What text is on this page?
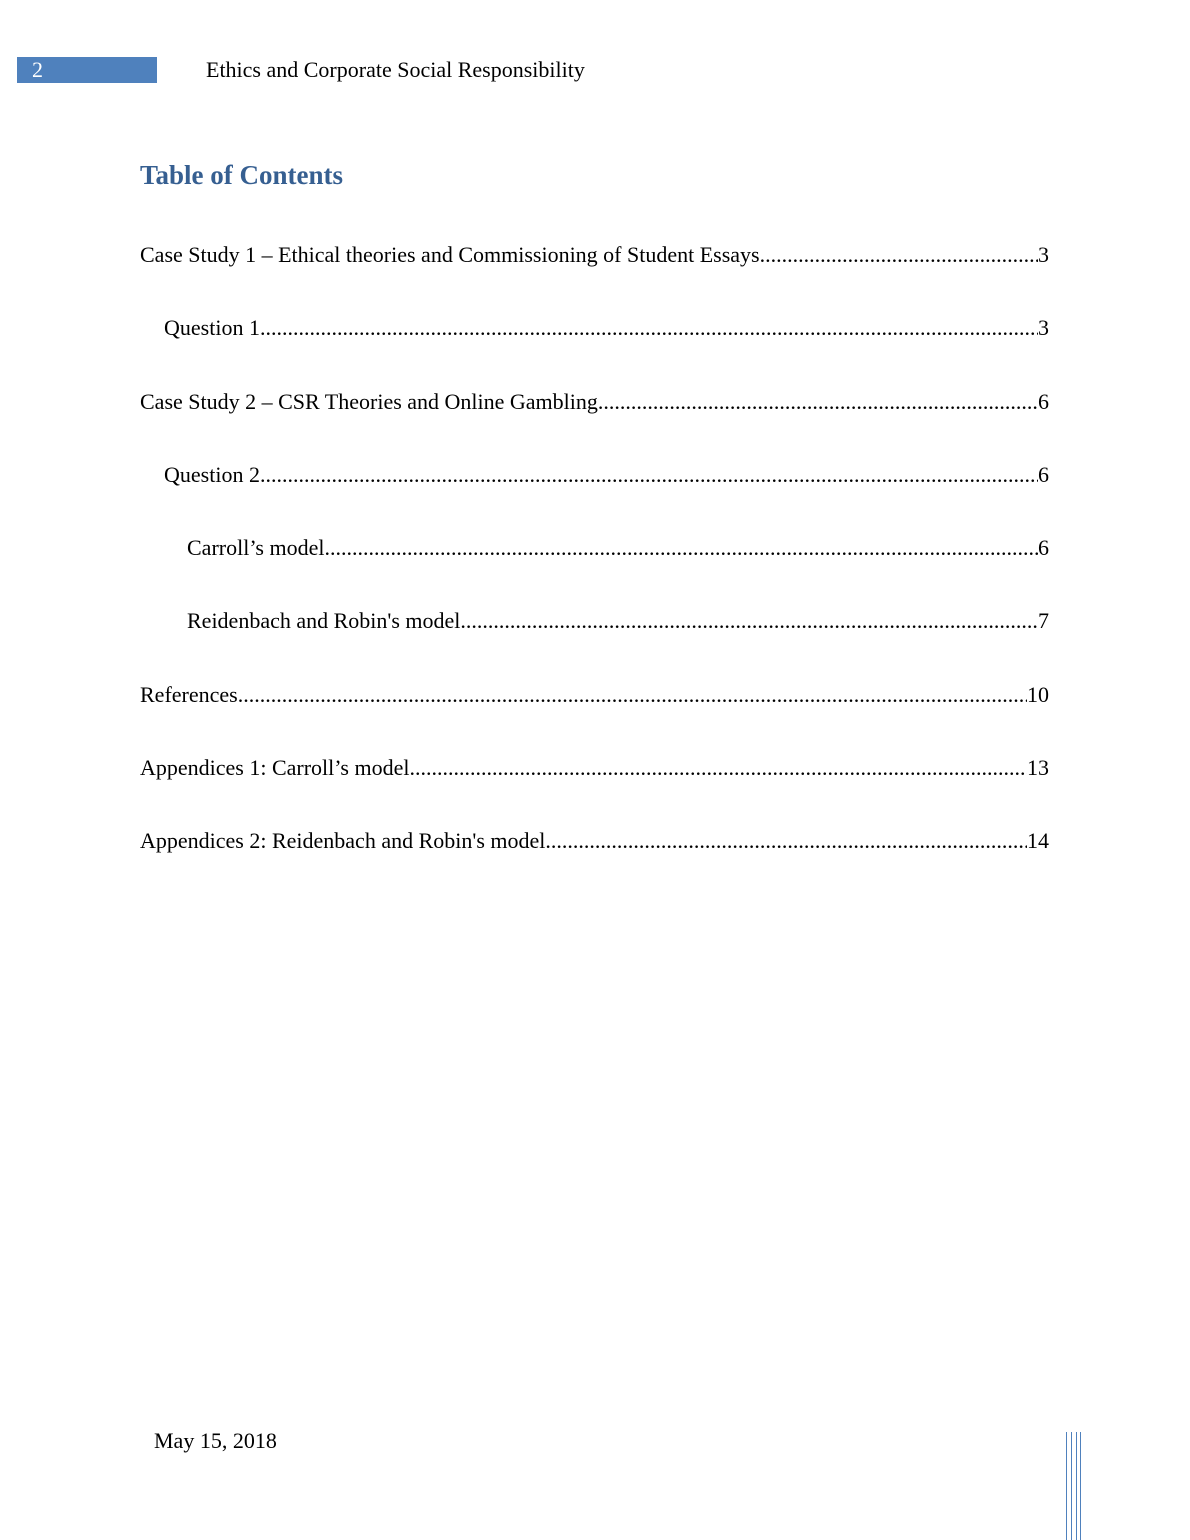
2	Ethics and Corporate Social Responsibility
Table of Contents
Case Study 1 – Ethical theories and Commissioning of Student Essays .....	3
Question 1 .....	3
Case Study 2 – CSR Theories and Online Gambling .....	6
Question 2 .....	6
Carroll’s model .....	6
Reidenbach and Robin's model .....	7
References .....	10
Appendices 1: Carroll’s model .....	13
Appendices 2: Reidenbach and Robin's model .....	14
May 15, 2018
